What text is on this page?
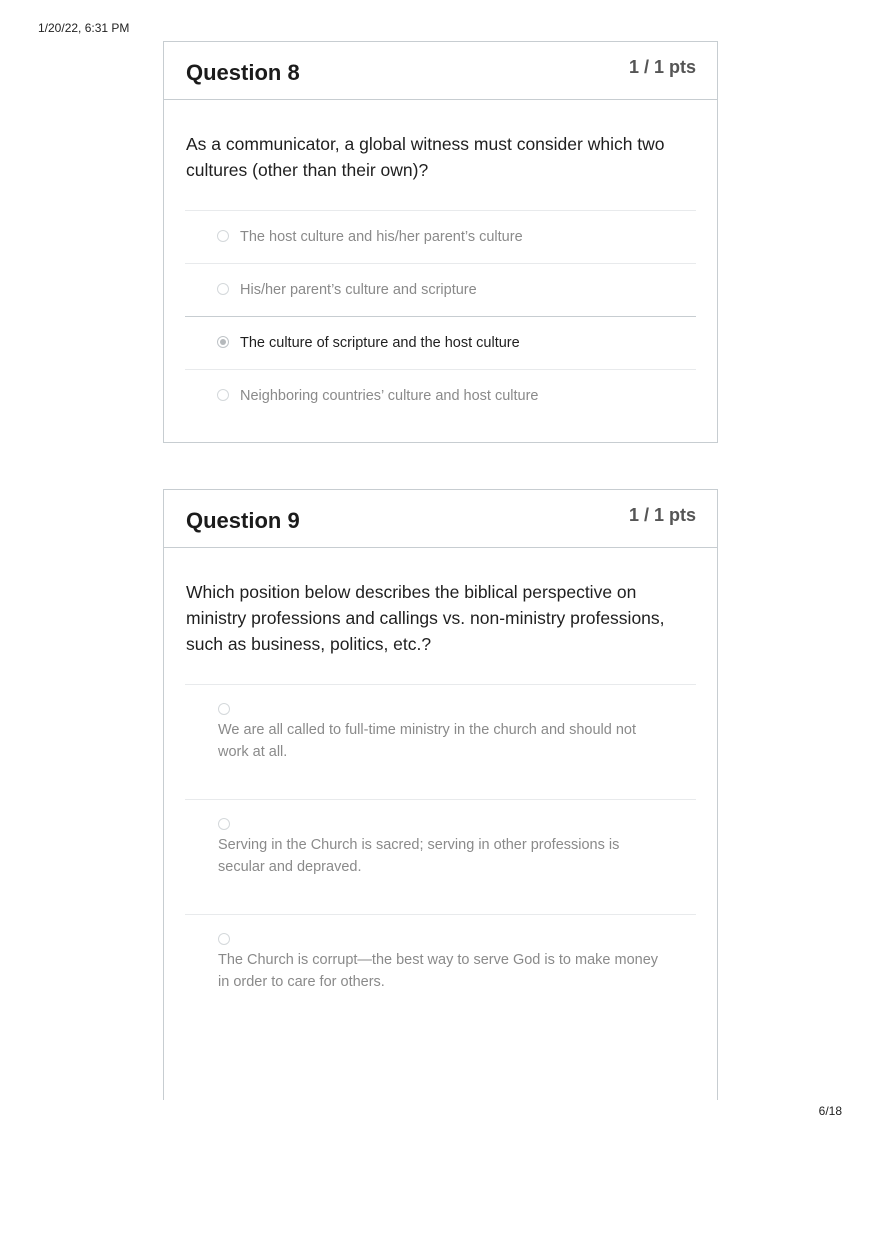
1/20/22, 6:31 PM
Question 8	1 / 1 pts
As a communicator, a global witness must consider which two cultures (other than their own)?
The host culture and his/her parent’s culture
His/her parent’s culture and scripture
The culture of scripture and the host culture
Neighboring countries’ culture and host culture
Question 9	1 / 1 pts
Which position below describes the biblical perspective on ministry professions and callings vs. non-ministry professions, such as business, politics, etc.?
We are all called to full-time ministry in the church and should not work at all.
Serving in the Church is sacred; serving in other professions is secular and depraved.
The Church is corrupt—the best way to serve God is to make money in order to care for others.
6/18
